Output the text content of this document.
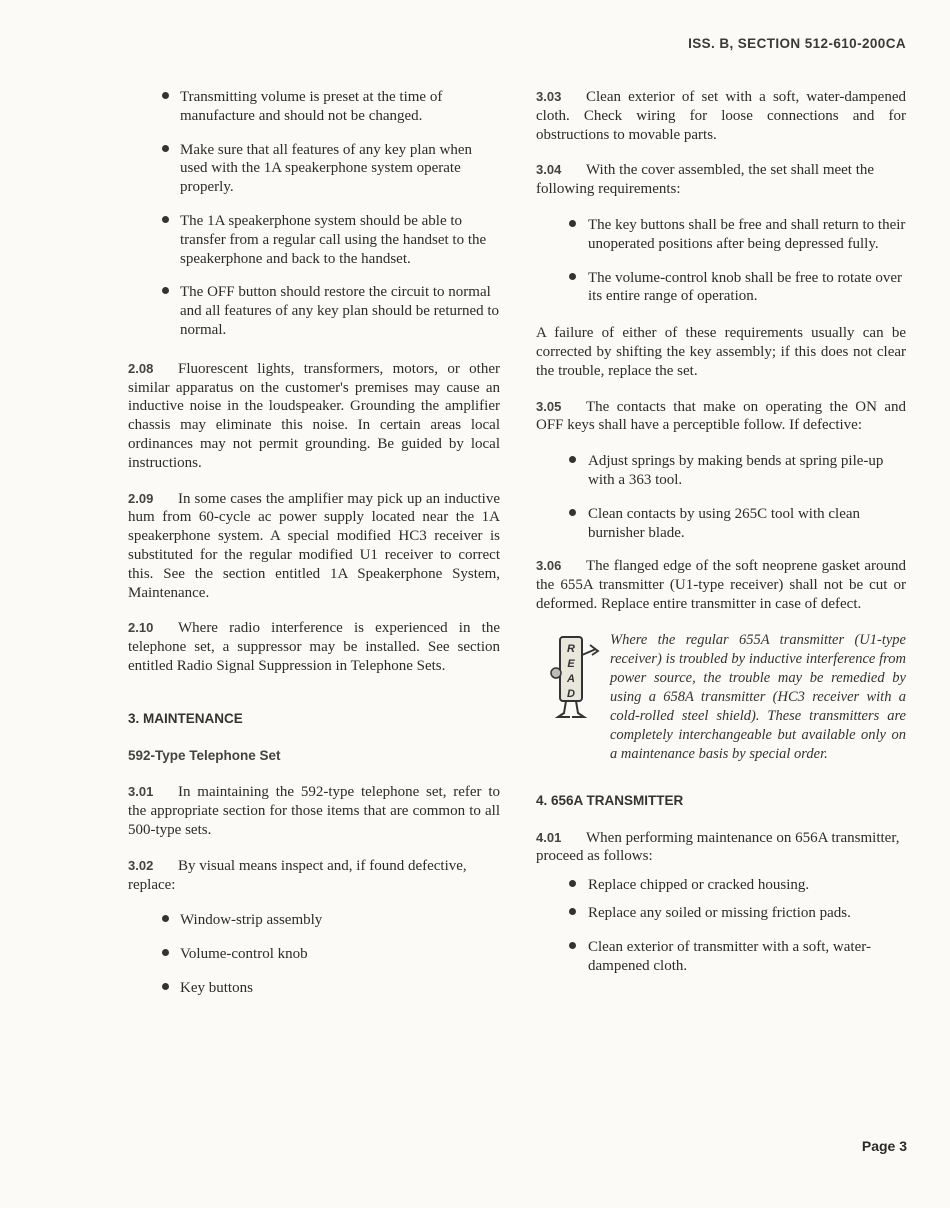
ISS. B, SECTION 512-610-200CA
Transmitting volume is preset at the time of manufacture and should not be changed.
Make sure that all features of any key plan when used with the 1A speakerphone system operate properly.
The 1A speakerphone system should be able to transfer from a regular call using the handset to the speakerphone and back to the handset.
The OFF button should restore the circuit to normal and all features of any key plan should be returned to normal.
2.08 Fluorescent lights, transformers, motors, or other similar apparatus on the customer's premises may cause an inductive noise in the loudspeaker. Grounding the amplifier chassis may eliminate this noise. In certain areas local ordinances may not permit grounding. Be guided by local instructions.
2.09 In some cases the amplifier may pick up an inductive hum from 60-cycle ac power supply located near the 1A speakerphone system. A special modified HC3 receiver is substituted for the regular modified U1 receiver to correct this. See the section entitled 1A Speakerphone System, Maintenance.
2.10 Where radio interference is experienced in the telephone set, a suppressor may be installed. See section entitled Radio Signal Suppression in Telephone Sets.
3. MAINTENANCE
592-Type Telephone Set
3.01 In maintaining the 592-type telephone set, refer to the appropriate section for those items that are common to all 500-type sets.
3.02 By visual means inspect and, if found defective, replace:
Window-strip assembly
Volume-control knob
Key buttons
3.03 Clean exterior of set with a soft, water-dampened cloth. Check wiring for loose connections and for obstructions to movable parts.
3.04 With the cover assembled, the set shall meet the following requirements:
The key buttons shall be free and shall return to their unoperated positions after being depressed fully.
The volume-control knob shall be free to rotate over its entire range of operation.
A failure of either of these requirements usually can be corrected by shifting the key assembly; if this does not clear the trouble, replace the set.
3.05 The contacts that make on operating the ON and OFF keys shall have a perceptible follow. If defective:
Adjust springs by making bends at spring pile-up with a 363 tool.
Clean contacts by using 265C tool with clean burnisher blade.
3.06 The flanged edge of the soft neoprene gasket around the 655A transmitter (U1-type receiver) shall not be cut or deformed. Replace entire transmitter in case of defect.
R
E
A
D
Where the regular 655A transmitter (U1-type receiver) is troubled by inductive interference from power source, the trouble may be remedied by using a 658A transmitter (HC3 receiver with a cold-rolled steel shield). These transmitters are completely interchangeable but available only on a maintenance basis by special order.
4. 656A TRANSMITTER
4.01 When performing maintenance on 656A transmitter, proceed as follows:
Replace chipped or cracked housing.
Replace any soiled or missing friction pads.
Clean exterior of transmitter with a soft, water-dampened cloth.
Page 3
